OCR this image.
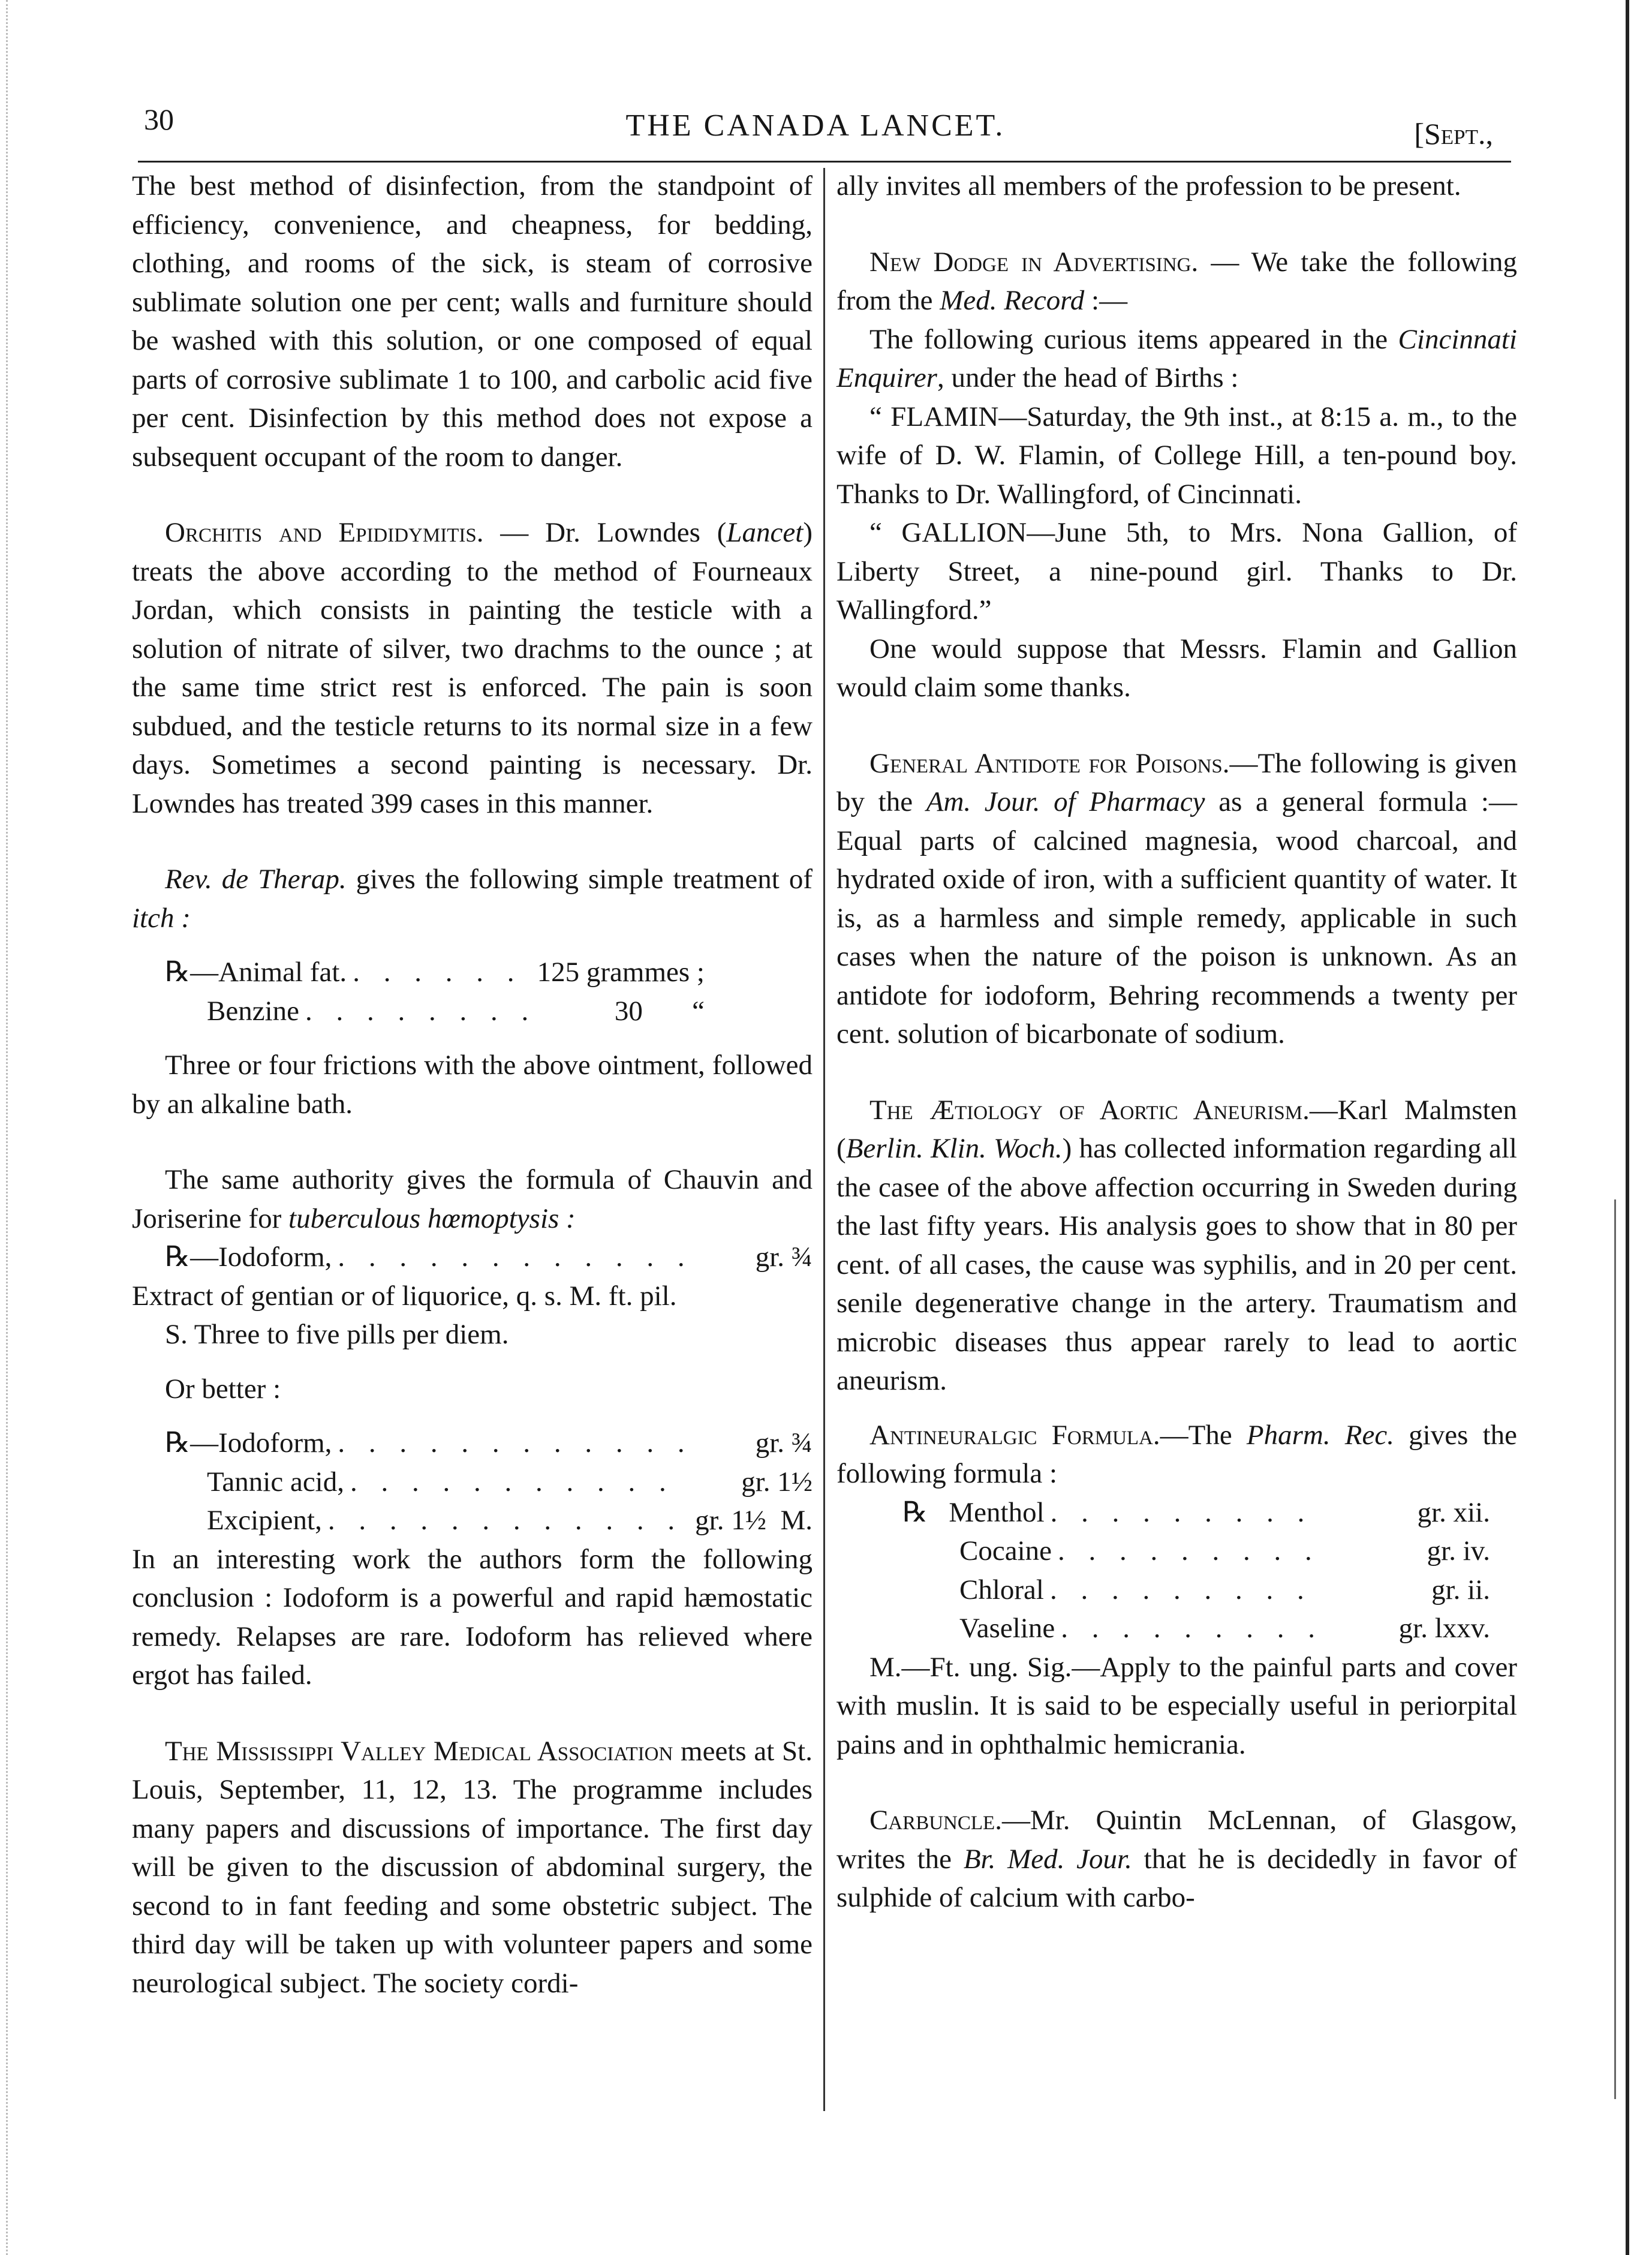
30	THE CANADA LANCET.	[Sept.,

The best method of disinfection, from the standpoint of efficiency, convenience, and cheapness, for bedding, clothing, and rooms of the sick, is steam of corrosive sublimate solution one per cent; walls and furniture should be washed with this solution, or one composed of equal parts of corrosive sublimate 1 to 100, and carbolic acid five per cent. Disinfection by this method does not expose a subsequent occupant of the room to danger.

Orchitis and Epididymitis. — Dr. Lowndes (Lancet) treats the above according to the method of Fourneaux Jordan, which consists in painting the testicle with a solution of nitrate of silver, two drachms to the ounce ; at the same time strict rest is enforced. The pain is soon subdued, and the testicle returns to its normal size in a few days. Sometimes a second painting is necessary. Dr. Lowndes has treated 399 cases in this manner.

Rev. de Therap. gives the following simple treatment of itch :

℞—Animal fat. . . . . . . 125 grammes ;
Benzine . . . . . . . .	30       “

Three or four frictions with the above ointment, followed by an alkaline bath.

The same authority gives the formula of Chauvin and Joriserine for tuberculous hœmoptysis :

℞—Iodoform, . . . . . . . . . . . .	gr. ¾

Extract of gentian or of liquorice, q. s. M. ft. pil.

S. Three to five pills per diem.

Or better :

℞—Iodoform, . . . . . . . . . . . .	gr. ¾
Tannic acid, . . . . . . . . . . .	gr. 1½
Excipient, . . . . . . . . . . . . gr. 1½  M.

In an interesting work the authors form the following conclusion : Iodoform is a powerful and rapid hæmostatic remedy. Relapses are rare. Iodoform has relieved where ergot has failed.

The Mississippi Valley Medical Association meets at St. Louis, September, 11, 12, 13. The programme includes many papers and discussions of importance. The first day will be given to the discussion of abdominal surgery, the second to in fant feeding and some obstetric subject. The third day will be taken up with volunteer papers and some neurological subject. The society cordi-

ally invites all members of the profession to be present.

New Dodge in Advertising. — We take the following from the Med. Record :—

The following curious items appeared in the Cincinnati Enquirer, under the head of Births :

“ FLAMIN—Saturday, the 9th inst., at 8:15 a. m., to the wife of D. W. Flamin, of College Hill, a ten-pound boy. Thanks to Dr. Wallingford, of Cincinnati.

“ GALLION—June 5th, to Mrs. Nona Gallion, of Liberty Street, a nine-pound girl. Thanks to Dr. Wallingford.”

One would suppose that Messrs. Flamin and Gallion would claim some thanks.

General Antidote for Poisons.—The following is given by the Am. Jour. of Pharmacy as a general formula :—Equal parts of calcined magnesia, wood charcoal, and hydrated oxide of iron, with a sufficient quantity of water. It is, as a harmless and simple remedy, applicable in such cases when the nature of the poison is unknown. As an antidote for iodoform, Behring recommends a twenty per cent. solution of bicarbonate of sodium.

The Ætiology of Aortic Aneurism.—Karl Malmsten (Berlin. Klin. Woch.) has collected information regarding all the casee of the above affection occurring in Sweden during the last fifty years. His analysis goes to show that in 80 per cent. of all cases, the cause was syphilis, and in 20 per cent. senile degenerative change in the artery. Traumatism and microbic diseases thus appear rarely to lead to aortic aneurism.

Antineuralgic Formula.—The Pharm. Rec. gives the following formula :

℞   Menthol . . . . . . . . .	gr. xii.
Cocaine . . . . . . . . .	gr. iv.
Chloral . . . . . . . . .	gr. ii.
Vaseline . . . . . . . . .	gr. lxxv.

M.—Ft. ung. Sig.—Apply to the painful parts and cover with muslin. It is said to be especially useful in periorpital pains and in ophthalmic hemicrania.

Carbuncle.—Mr. Quintin McLennan, of Glasgow, writes the Br. Med. Jour. that he is decidedly in favor of sulphide of calcium with carbo-
